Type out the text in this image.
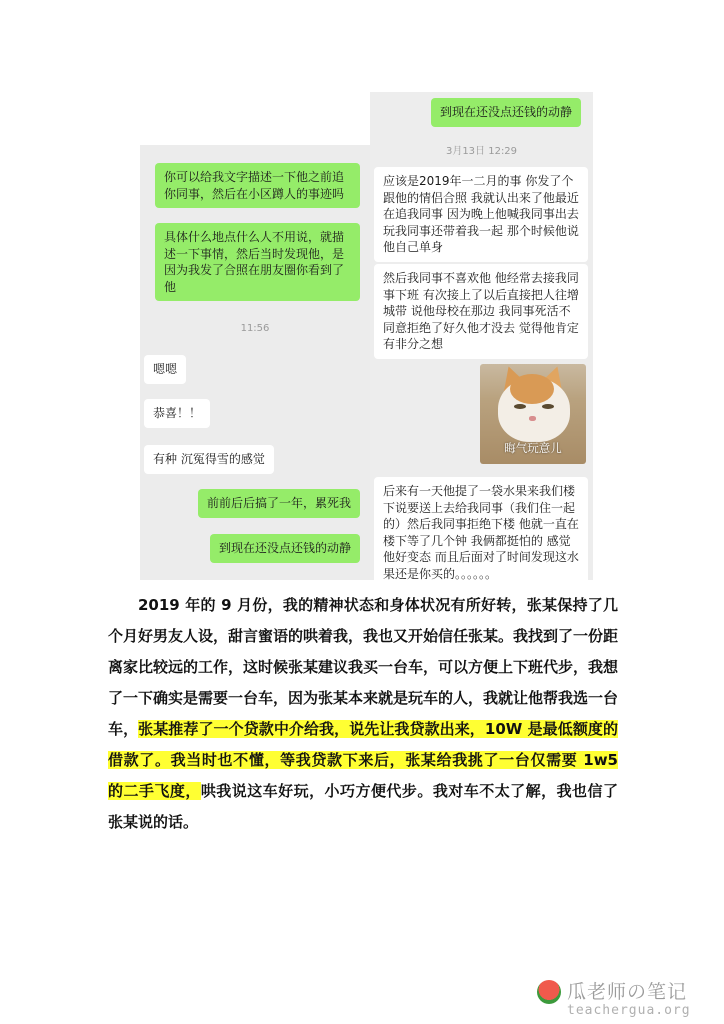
到现在还没点还钱的动静
3月13日 12:29
应该是2019年一二月的事 你发了个跟他的情侣合照 我就认出来了他最近在追我同事 因为晚上他喊我同事出去玩我同事还带着我一起 那个时候他说他自己单身
然后我同事不喜欢他 他经常去接我同事下班 有次接上了以后直接把人往增城带 说他母校在那边 我同事死活不同意拒绝了好久他才没去 觉得他肯定有非分之想
晦气玩意儿
后来有一天他提了一袋水果来我们楼下说要送上去给我同事（我们住一起的）然后我同事拒绝下楼 他就一直在楼下等了几个钟 我俩都挺怕的 感觉他好变态 而且后面对了时间发现这水果还是你买的。。。。。。
你可以给我文字描述一下他之前追你同事，然后在小区蹲人的事迹吗
具体什么地点什么人不用说，就描述一下事情，然后当时发现他，是因为我发了合照在朋友圈你看到了他
11:56
嗯嗯
恭喜！！
有种 沉冤得雪的感觉
前前后后搞了一年，累死我
到现在还没点还钱的动静
2019 年的 9 月份，我的精神状态和身体状况有所好转，张某保持了几个月好男友人设，甜言蜜语的哄着我，我也又开始信任张某。我找到了一份距离家比较远的工作，这时候张某建议我买一台车，可以方便上下班代步，我想了一下确实是需要一台车，因为张某本来就是玩车的人，我就让他帮我选一台车，张某推荐了一个贷款中介给我，说先让我贷款出来，10W 是最低额度的借款了。我当时也不懂，等我贷款下来后，张某给我挑了一台仅需要 1w5 的二手飞度，哄我说这车好玩，小巧方便代步。我对车不太了解，我也信了张某说的话。
瓜老师の笔记
teachergua.org
